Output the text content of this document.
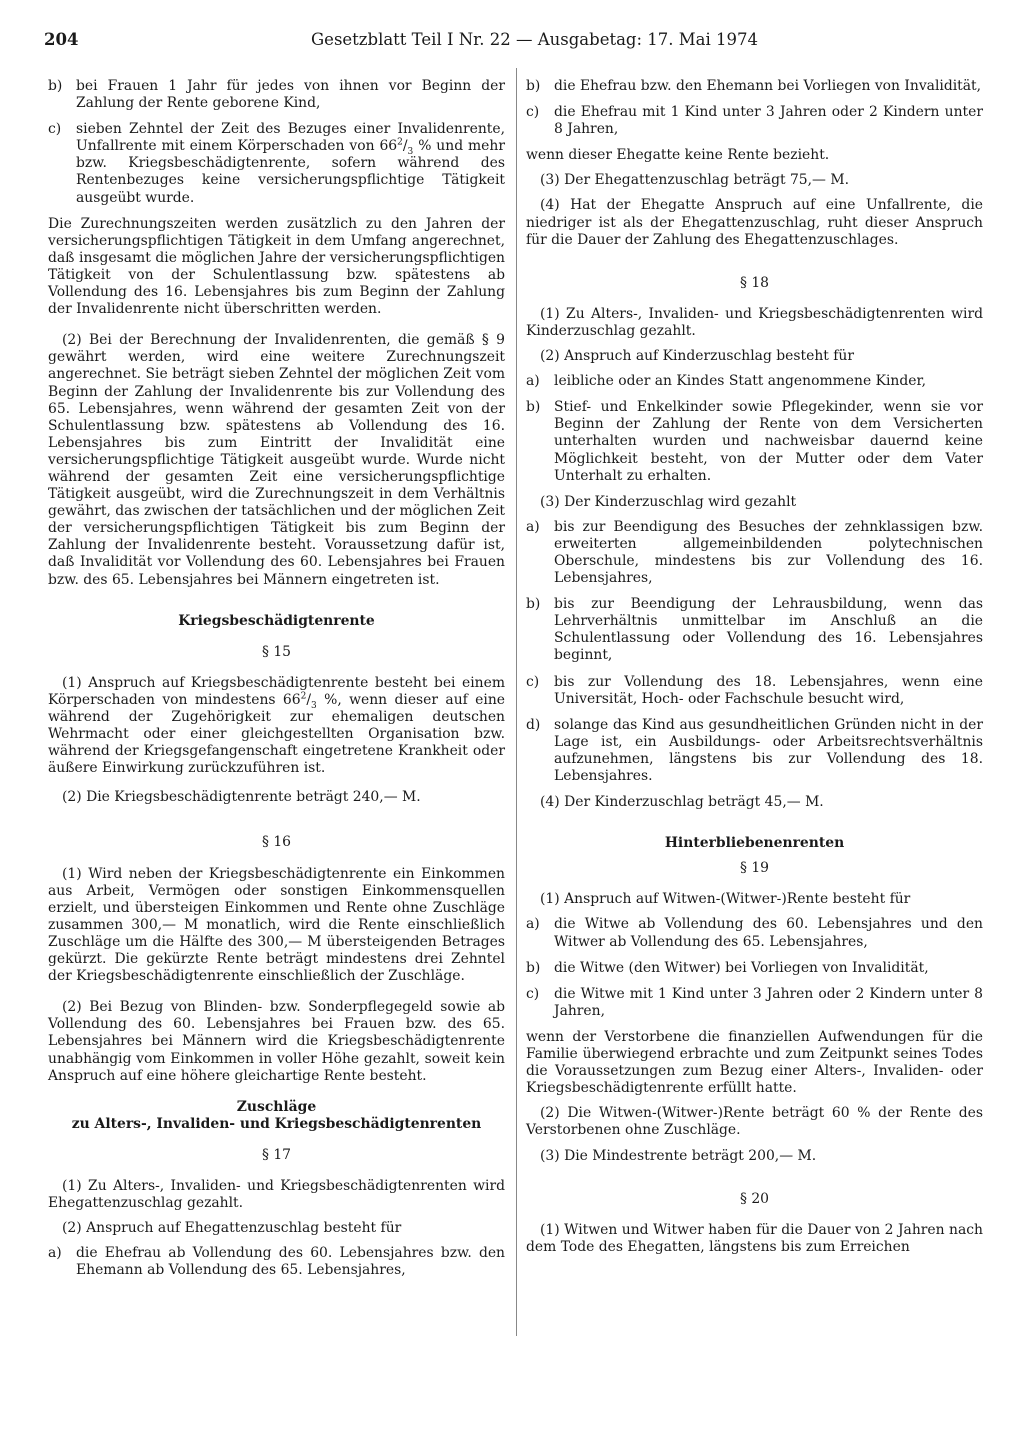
204	Gesetzblatt Teil I Nr. 22 — Ausgabetag: 17. Mai 1974
b) bei Frauen 1 Jahr für jedes von ihnen vor Beginn der Zahlung der Rente geborene Kind,
c)	sieben Zehntel der Zeit des Bezuges einer Invalidenrente, Unfallrente mit einem Körperschaden von $66^2/_3$ % und mehr bzw. Kriegsbeschädigtenrente, sofern während des Rentenbezuges keine versicherungspflichtige Tätigkeit ausgeübt wurde.

Die Zurechnungszeiten werden zusätzlich zu den Jahren der versicherungspflichtigen Tätigkeit in dem Umfang angerechnet, daß insgesamt die möglichen Jahre der versicherungspflichtigen Tätigkeit von der Schulentlassung bzw. spätestens ab Vollendung des 16. Lebensjahres bis zum Beginn der Zahlung der Invalidenrente nicht überschritten werden.

(2) Bei der Berechnung der Invalidenrenten, die gemäß § 9 gewährt werden, wird eine weitere Zurechnungszeit angerechnet. Sie beträgt sieben Zehntel der möglichen Zeit vom Beginn der Zahlung der Invalidenrente bis zur Vollendung des 65. Lebensjahres, wenn während der gesamten Zeit von der Schulentlassung bzw. spätestens ab Vollendung des 16. Lebensjahres bis zum Eintritt der Invalidität eine versicherungspflichtige Tätigkeit ausgeübt wurde. Wurde nicht während der gesamten Zeit eine versicherungspflichtige Tätigkeit ausgeübt, wird die Zurechnungszeit in dem Verhältnis gewährt, das zwischen der tatsächlichen und der möglichen Zeit der versicherungspflichtigen Tätigkeit bis zum Beginn der Zahlung der Invalidenrente besteht. Voraussetzung dafür ist, daß Invalidität vor Vollendung des 60. Lebensjahres bei Frauen bzw. des 65. Lebensjahres bei Männern eingetreten ist.

Kriegsbeschädigtenrente
§ 15

(1) Anspruch auf Kriegsbeschädigtenrente besteht bei einem Körperschaden von mindestens $66^2/_3$ %, wenn dieser auf eine während der Zugehörigkeit zur ehemaligen deutschen Wehrmacht oder einer gleichgestellten Organisation bzw. während der Kriegsgefangenschaft eingetretene Krankheit oder äußere Einwirkung zurückzuführen ist.

(2) Die Kriegsbeschädigtenrente beträgt 240,— M.

§ 16

(1) Wird neben der Kriegsbeschädigtenrente ein Einkommen aus Arbeit, Vermögen oder sonstigen Einkommensquellen erzielt, und übersteigen Einkommen und Rente ohne Zuschläge zusammen 300,— M monatlich, wird die Rente einschließlich Zuschläge um die Hälfte des 300,— M übersteigenden Betrages gekürzt. Die gekürzte Rente beträgt mindestens drei Zehntel der Kriegsbeschädigtenrente einschließlich der Zuschläge.

(2) Bei Bezug von Blinden- bzw. Sonderpflegegeld sowie ab Vollendung des 60. Lebensjahres bei Frauen bzw. des 65. Lebensjahres bei Männern wird die Kriegsbeschädigtenrente unabhängig vom Einkommen in voller Höhe gezahlt, soweit kein Anspruch auf eine höhere gleichartige Rente besteht.

Zuschläge
zu Alters-, Invaliden- und Kriegsbeschädigtenrenten
§ 17

(1) Zu Alters-, Invaliden- und Kriegsbeschädigtenrenten wird Ehegattenzuschlag gezahlt.

(2) Anspruch auf Ehegattenzuschlag besteht für

a)	die Ehefrau ab Vollendung des 60. Lebensjahres bzw. den Ehemann ab Vollendung des 65. Lebensjahres,
b) die Ehefrau bzw. den Ehemann bei Vorliegen von Invalidität,
c)	die Ehefrau mit 1 Kind unter 3 Jahren oder 2 Kindern unter 8 Jahren,

wenn dieser Ehegatte keine Rente bezieht.

(3) Der Ehegattenzuschlag beträgt 75,— M.

(4) Hat der Ehegatte Anspruch auf eine Unfallrente, die niedriger ist als der Ehegattenzuschlag, ruht dieser Anspruch für die Dauer der Zahlung des Ehegattenzuschlages.

§ 18

(1) Zu Alters-, Invaliden- und Kriegsbeschädigtenrenten wird Kinderzuschlag gezahlt.

(2) Anspruch auf Kinderzuschlag besteht für

a)	leibliche oder an Kindes Statt angenommene Kinder,
b) Stief- und Enkelkinder sowie Pflegekinder, wenn sie vor Beginn der Zahlung der Rente von dem Versicherten unterhalten wurden und nachweisbar dauernd keine Möglichkeit besteht, von der Mutter oder dem Vater Unterhalt zu erhalten.

(3) Der Kinderzuschlag wird gezahlt

a)	bis zur Beendigung des Besuches der zehnklassigen bzw. erweiterten allgemeinbildenden polytechnischen Oberschule, mindestens bis zur Vollendung des 16. Lebensjahres,
b) bis zur Beendigung der Lehrausbildung, wenn das Lehrverhältnis unmittelbar im Anschluß an die Schulentlassung oder Vollendung des 16. Lebensjahres beginnt,
c)	bis zur Vollendung des 18. Lebensjahres, wenn eine Universität, Hoch- oder Fachschule besucht wird,
d) solange das Kind aus gesundheitlichen Gründen nicht in der Lage ist, ein Ausbildungs- oder Arbeitsrechtsverhältnis aufzunehmen, längstens bis zur Vollendung des 18. Lebensjahres.

(4) Der Kinderzuschlag beträgt 45,— M.

Hinterbliebenenrenten
§ 19

(1) Anspruch auf Witwen-(Witwer-)Rente besteht für

a)	die Witwe ab Vollendung des 60. Lebensjahres und den Witwer ab Vollendung des 65. Lebensjahres,
b) die Witwe (den Witwer) bei Vorliegen von Invalidität,
c)	die Witwe mit 1 Kind unter 3 Jahren oder 2 Kindern unter 8 Jahren,

wenn der Verstorbene die finanziellen Aufwendungen für die Familie überwiegend erbrachte und zum Zeitpunkt seines Todes die Voraussetzungen zum Bezug einer Alters-, Invaliden- oder Kriegsbeschädigtenrente erfüllt hatte.

(2) Die Witwen-(Witwer-)Rente beträgt 60 % der Rente des Verstorbenen ohne Zuschläge.

(3) Die Mindestrente beträgt 200,— M.

§ 20

(1) Witwen und Witwer haben für die Dauer von 2 Jahren nach dem Tode des Ehegatten, längstens bis zum Erreichen
